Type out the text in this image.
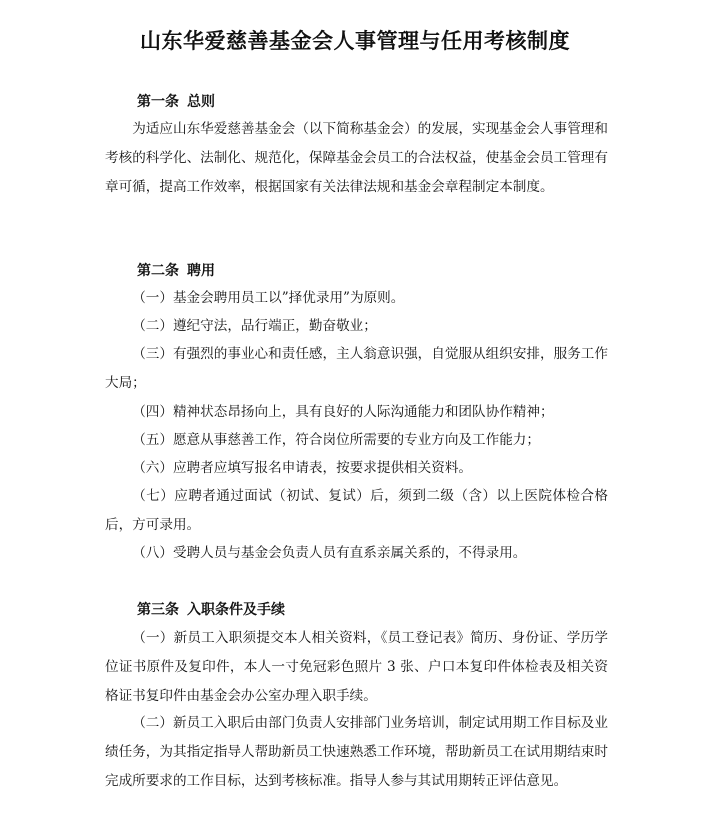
山东华爱慈善基金会人事管理与任用考核制度
第一条 总则

为适应山东华爱慈善基金会（以下简称基金会）的发展，实现基金会人事管理和考核的科学化、法制化、规范化，保障基金会员工的合法权益，使基金会员工管理有章可循，提高工作效率，根据国家有关法律法规和基金会章程制定本制度。

第二条 聘用

（一）基金会聘用员工以”择优录用”为原则。

（二）遵纪守法，品行端正，勤奋敬业；

（三）有强烈的事业心和责任感，主人翁意识强，自觉服从组织安排，服务工作大局；

（四）精神状态昂扬向上，具有良好的人际沟通能力和团队协作精神；

（五）愿意从事慈善工作，符合岗位所需要的专业方向及工作能力；

（六）应聘者应填写报名申请表，按要求提供相关资料。

（七）应聘者通过面试（初试、复试）后，须到二级（含）以上医院体检合格后，方可录用。

（八）受聘人员与基金会负责人员有直系亲属关系的，不得录用。

第三条 入职条件及手续

（一）新员工入职须提交本人相关资料，《员工登记表》简历、身份证、学历学位证书原件及复印件，本人一寸免冠彩色照片 3 张、户口本复印件体检表及相关资格证书复印件由基金会办公室办理入职手续。

（二）新员工入职后由部门负责人安排部门业务培训，制定试用期工作目标及业绩任务，为其指定指导人帮助新员工快速熟悉工作环境，帮助新员工在试用期结束时完成所要求的工作目标，达到考核标准。指导人参与其试用期转正评估意见。
